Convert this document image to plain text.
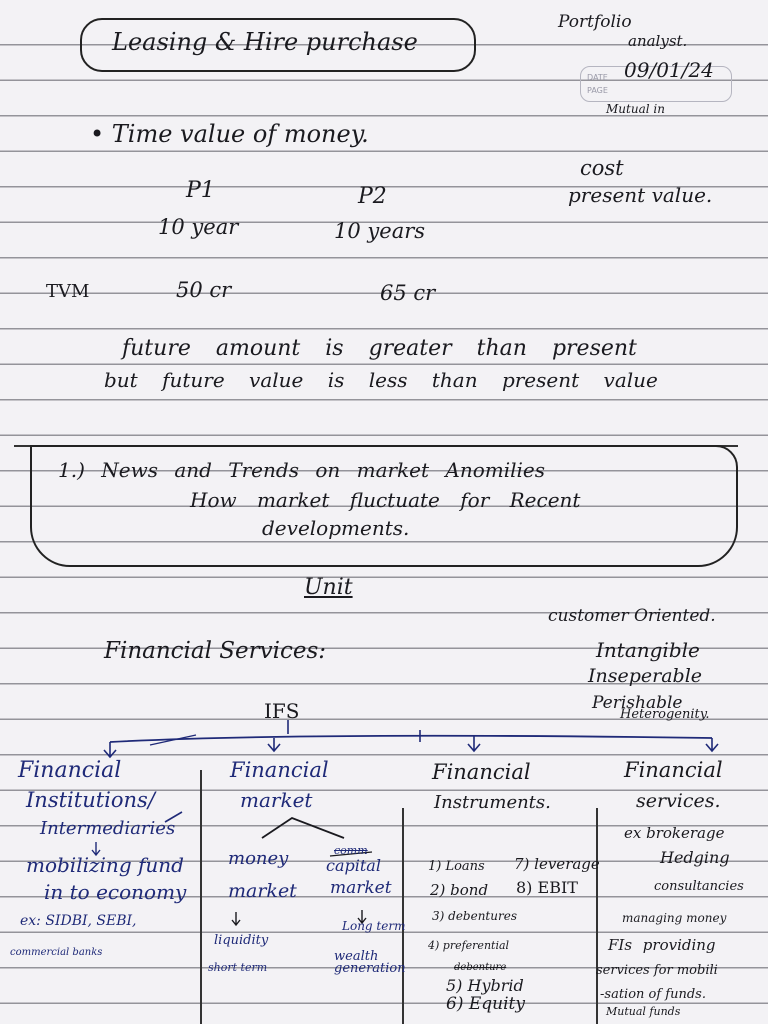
Leasing & Hire purchase
Portfolio
analyst.
DATE
PAGE
09/01/24
Mutual in
• Time value of money.
cost
present value.
P1	P2
10 year	10 years
TVM	50 cr	65 cr
future amount is greater than present
but future value is less than present value
1.) News and Trends on market Anomilies
How market fluctuate for Recent
developments.
Unit
customer Oriented.
Financial Services:	Intangible
Inseperable
Perishable
Heterogenity.
IFS
Financial
Institutions/
Intermediaries
mobilizing fund
in to economy
ex: SIDBI, SEBI,
commercial banks
Financial
market
money
market
liquidity
short term
comm
capital
market
Long term
wealth
generation
Financial
Instruments.
1) Loans
2) bond
3) debentures
4) preferential
debenture
5) Hybrid
6) Equity
7) leverage
8) EBIT
Financial
services.
ex brokerage
Hedging
consultancies
managing money
FIs providing
services for mobili
-sation of funds.
Mutual funds
